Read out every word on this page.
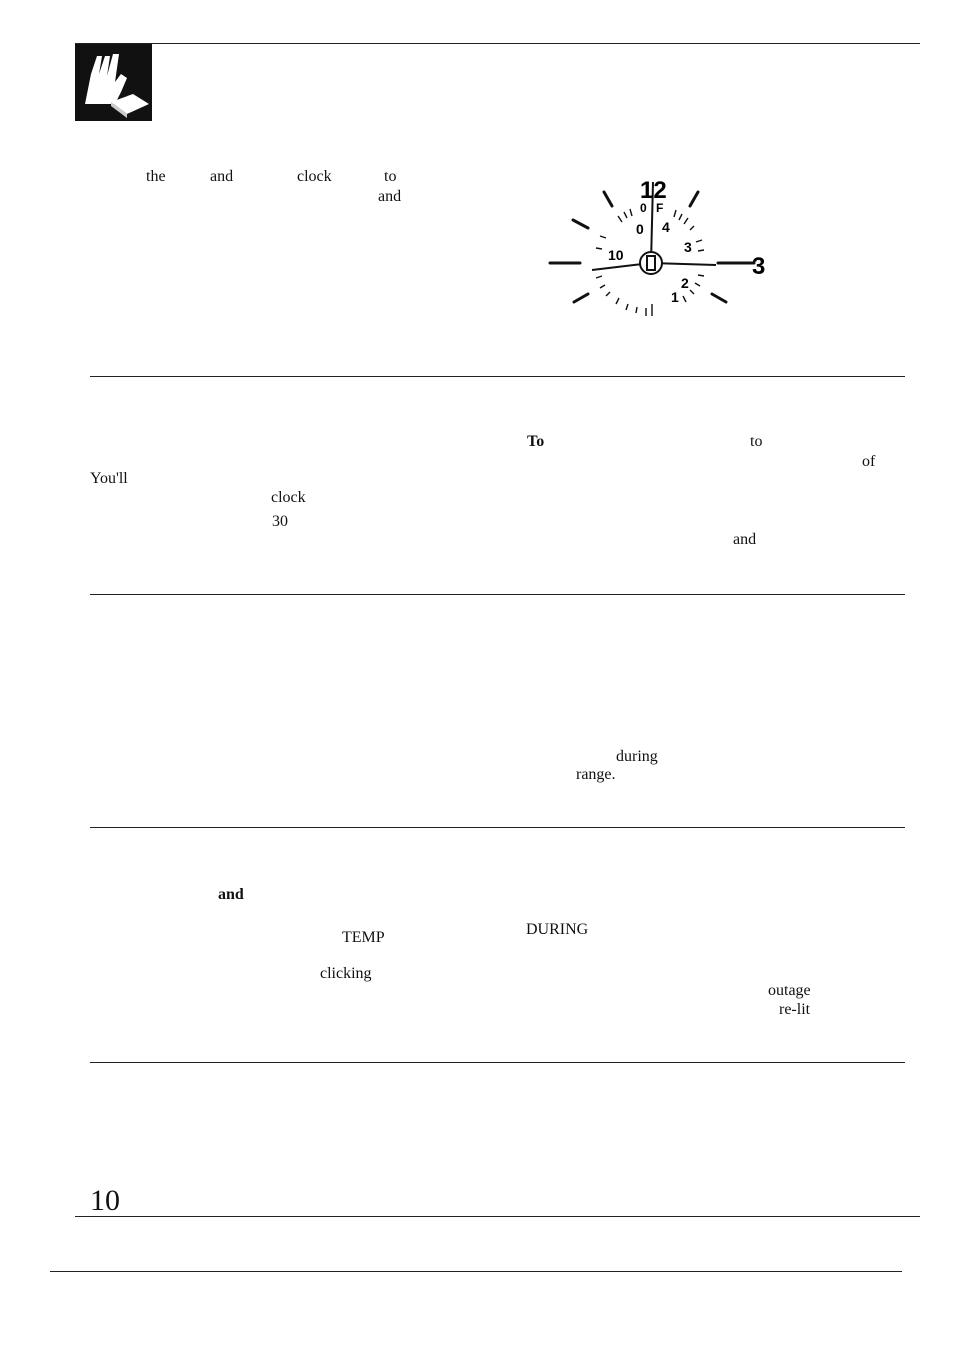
the	and	clock	to
and	12
3
0 F
0 4
3
10
2
1
To	to
of
You'll
clock
30
and
during
range.
and
TEMP	DURING
clicking
outage
re-lit
10
